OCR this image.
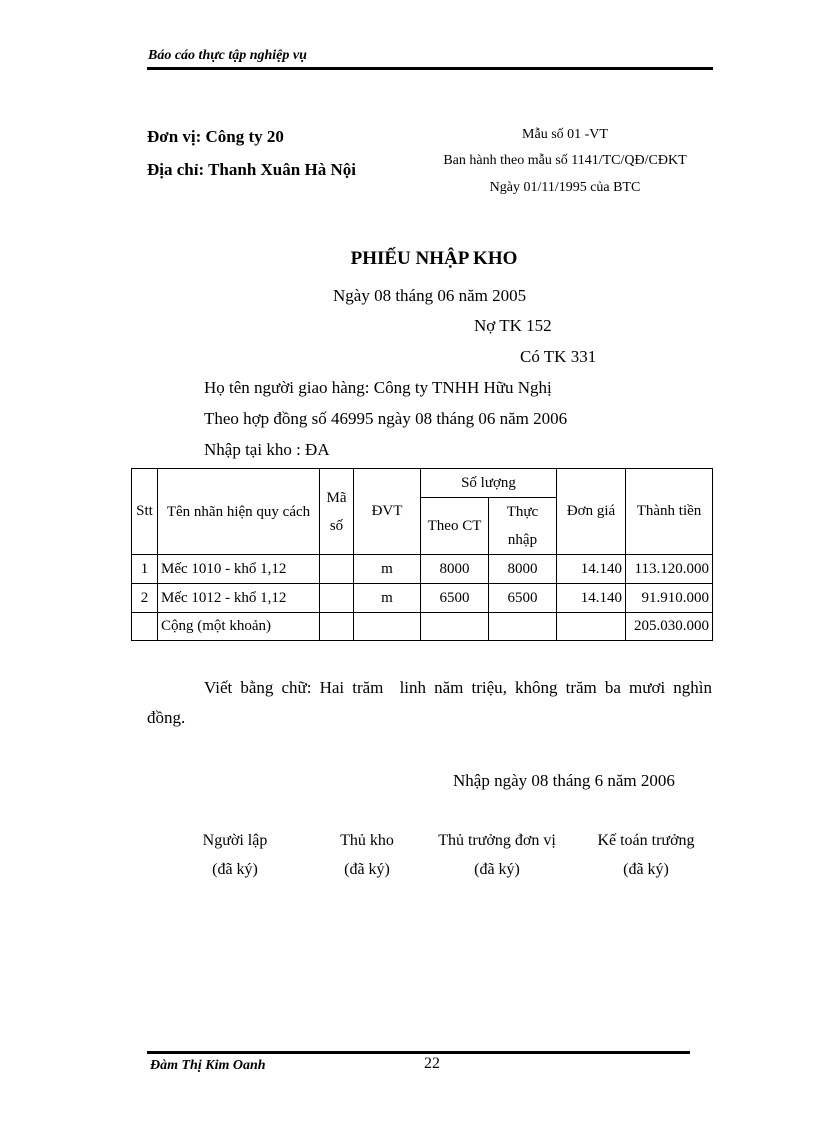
Báo cáo thực tập nghiệp vụ
Đơn vị: Công ty 20
Địa chỉ: Thanh Xuân Hà Nội
Mẫu số 01 -VT
Ban hành theo mẫu số 1141/TC/QĐ/CĐKT
Ngày 01/11/1995 của BTC
PHIẾU NHẬP KHO
Ngày 08 tháng 06 năm 2005
Nợ TK 152
Có TK 331
Họ tên người giao hàng: Công ty TNHH Hữu Nghị
Theo hợp đồng số 46995 ngày 08 tháng 06 năm 2006
Nhập tại kho : ĐA
Stt	Tên nhãn hiện quy cách	Mã số	ĐVT	Số lượng		Đơn giá	Thành tiền
				Theo CT	Thực nhập		

1	Mếc 1010 - khổ 1,12		m	8000	8000	14.140	113.120.000
2	Mếc 1012 - khổ 1,12		m	6500	6500	14.140	91.910.000
	Cộng (một khoản)						205.030.000
Viết bằng chữ: Hai trăm  linh năm triệu, không trăm ba mươi nghìn
đồng.
Nhập ngày 08 tháng 6 năm 2006
Người lập
(đã ký)
Thủ kho
(đã ký)
Thủ trưởng đơn vị
(đã ký)
Kế toán trưởng
(đã ký)
Đàm Thị Kim Oanh	22
